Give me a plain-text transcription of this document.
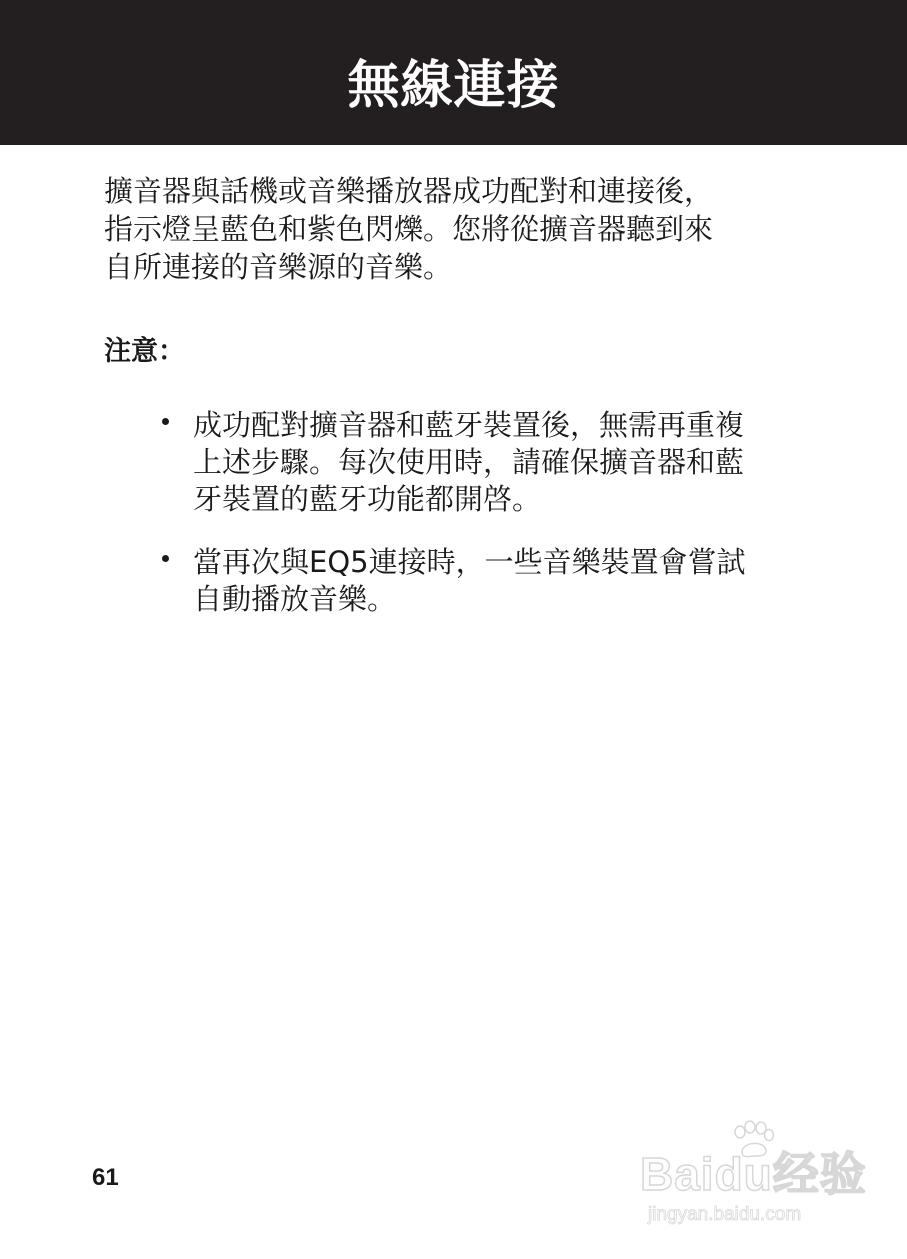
無線連接

擴音器與話機或音樂播放器成功配對和連接後，
指示燈呈藍色和紫色閃爍。您將從擴音器聽到來
自所連接的音樂源的音樂。

注意：
成功配對擴音器和藍牙裝置後，無需再重複
上述步驟。每次使用時，請確保擴音器和藍
牙裝置的藍牙功能都開啓。
當再次與EQ5連接時，一些音樂裝置會嘗試
自動播放音樂。
61	Baidu经验
jingyan.baidu.com
